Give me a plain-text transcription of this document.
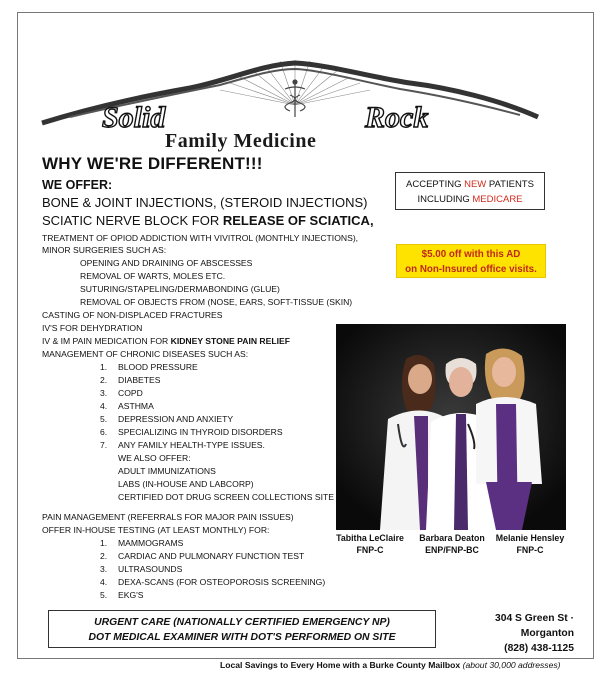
Solid	Rock
Family Medicine
WHY WE'RE DIFFERENT!!!
WE OFFER:
BONE & JOINT INJECTIONS, (STEROID INJECTIONS)
SCIATIC NERVE BLOCK FOR RELEASE OF SCIATICA,
TREATMENT OF OPIOD ADDICTION WITH VIVITROL (MONTHLY INJECTIONS),
MINOR SURGERIES SUCH AS:
OPENING AND DRAINING OF ABSCESSES
REMOVAL OF WARTS, MOLES ETC.
SUTURING/STAPELING/DERMABONDING (GLUE)
REMOVAL OF OBJECTS FROM (NOSE, EARS, SOFT-TISSUE (SKIN)
CASTING OF NON-DISPLACED FRACTURES
IV'S FOR DEHYDRATION
IV & IM PAIN MEDICATION FOR KIDNEY STONE PAIN RELIEF
MANAGEMENT OF CHRONIC DISEASES SUCH AS:
1. BLOOD PRESSURE
2. DIABETES
3. COPD
4. ASTHMA
5. DEPRESSION AND ANXIETY
6. SPECIALIZING IN THYROID DISORDERS
7. ANY FAMILY HEALTH-TYPE ISSUES.
WE ALSO OFFER:
ADULT IMMUNIZATIONS
LABS (IN-HOUSE AND LABCORP)
CERTIFIED DOT DRUG SCREEN COLLECTIONS SITE
PAIN MANAGEMENT (REFERRALS FOR MAJOR PAIN ISSUES)
OFFER IN-HOUSE TESTING (AT LEAST MONTHLY) FOR:
1. MAMMOGRAMS
2. CARDIAC AND PULMONARY FUNCTION TEST
3. ULTRASOUNDS
4. DEXA-SCANS (FOR OSTEOPOROSIS SCREENING)
5. EKG'S
ACCEPTING NEW PATIENTS
INCLUDING MEDICARE
$5.00 off with this AD
on Non-Insured office visits.
Tabitha LeClaire
FNP-C
Barbara Deaton
ENP/FNP-BC
Melanie Hensley
FNP-C
URGENT CARE (NATIONALLY CERTIFIED EMERGENCY NP)
DOT MEDICAL EXAMINER WITH DOT'S PERFORMED ON SITE
304 S Green St · Morganton
(828) 438-1125
Local Savings to Every Home with a Burke County Mailbox (about 30,000 addresses)
